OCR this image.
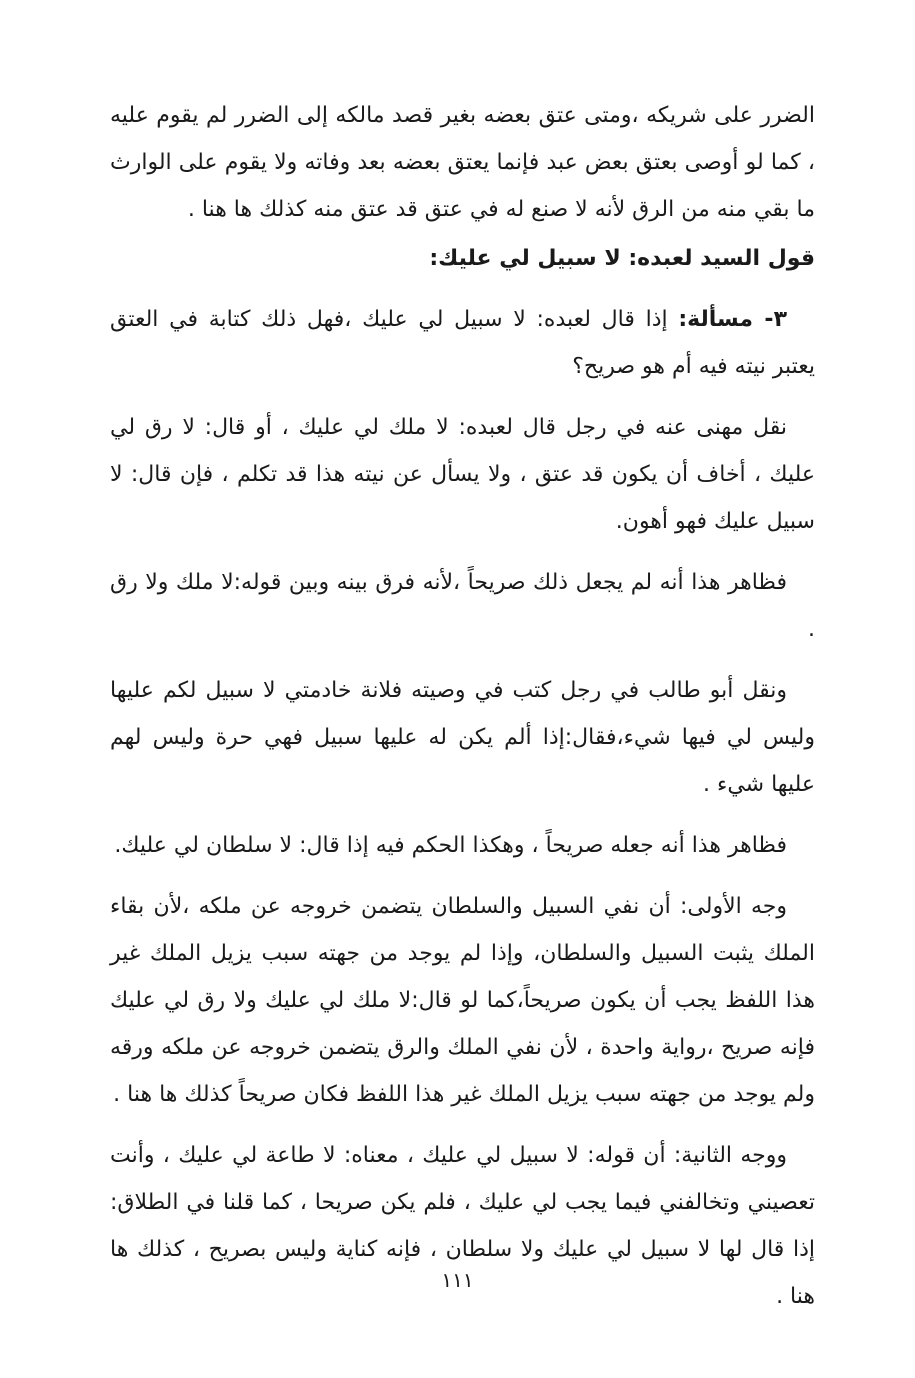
الضرر على شريكه ،ومتى عتق بعضه بغير قصد مالكه إلى الضرر لم يقوم عليه ، كما لو أوصى بعتق بعض عبد فإنما يعتق بعضه بعد وفاته ولا يقوم على الوارث ما بقي منه من الرق لأنه لا صنع له في عتق قد عتق منه كذلك ها هنا .

قول السيد لعبده: لا سبيل لي عليك:

٣- مسألة: إذا قال لعبده: لا سبيل لي عليك ،فهل ذلك كتابة في العتق يعتبر نيته فيه أم هو صريح؟

نقل مهنى عنه في رجل قال لعبده: لا ملك لي عليك ، أو قال: لا رق لي عليك ، أخاف أن يكون قد عتق ، ولا يسأل عن نيته هذا قد تكلم ، فإن قال: لا سبيل عليك فهو أهون.

فظاهر هذا أنه لم يجعل ذلك صريحاً ،لأنه فرق بينه وبين قوله:لا ملك ولا رق .

ونقل أبو طالب في رجل كتب في وصيته فلانة خادمتي لا سبيل لكم عليها وليس لي فيها شيء،فقال:إذا ألم يكن له عليها سبيل فهي حرة وليس لهم عليها شيء .

فظاهر هذا أنه جعله صريحاً ، وهكذا الحكم فيه إذا قال: لا سلطان لي عليك.

وجه الأولى: أن نفي السبيل والسلطان يتضمن خروجه عن ملكه ،لأن بقاء الملك يثبت السبيل والسلطان، وإذا لم يوجد من جهته سبب يزيل الملك غير هذا اللفظ يجب أن يكون صريحاً،كما لو قال:لا ملك لي عليك ولا رق لي عليك فإنه صريح ،رواية واحدة ، لأن نفي الملك والرق يتضمن خروجه عن ملكه ورقه ولم يوجد من جهته سبب يزيل الملك غير هذا اللفظ فكان صريحاً كذلك ها هنا .

ووجه الثانية: أن قوله: لا سبيل لي عليك ، معناه: لا طاعة لي عليك ، وأنت تعصيني وتخالفني فيما يجب لي عليك ، فلم يكن صريحا ، كما قلنا في الطلاق: إذا قال لها لا سبيل لي عليك ولا سلطان ، فإنه كناية وليس بصريح ، كذلك ها هنا .

١١١
